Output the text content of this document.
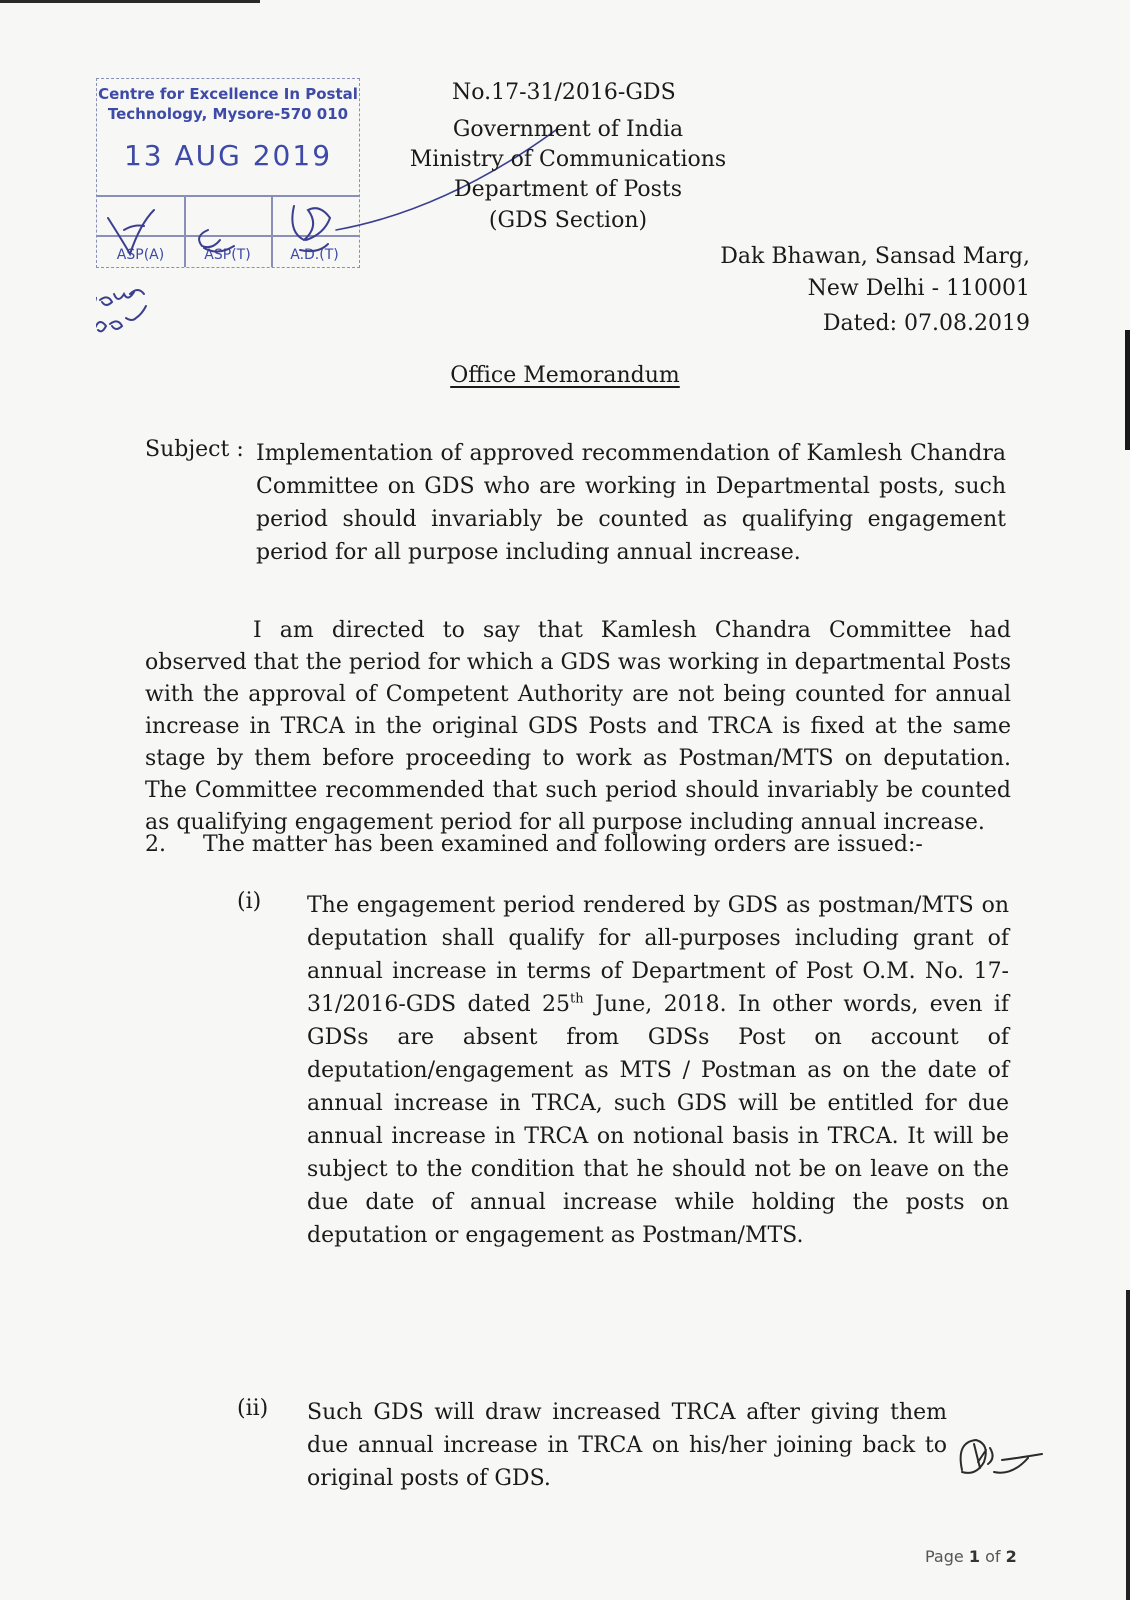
Centre for Excellence In Postal
Technology, Mysore-570 010
13 AUG 2019
ASP(A)	ASP(T)	A.D.(T)
No.17-31/2016-GDS
Government of India
Ministry of Communications
Department of Posts
(GDS Section)
Dak Bhawan, Sansad Marg,
New Delhi - 110001
Dated: 07.08.2019
Office Memorandum
Subject : Implementation of approved recommendation of Kamlesh Chandra Committee on GDS who are working in Departmental posts, such period should invariably be counted as qualifying engagement period for all purpose including annual increase.
I am directed to say that Kamlesh Chandra Committee had observed that the period for which a GDS was working in departmental Posts with the approval of Competent Authority are not being counted for annual increase in TRCA in the original GDS Posts and TRCA is fixed at the same stage by them before proceeding to work as Postman/MTS on deputation. The Committee recommended that such period should invariably be counted as qualifying engagement period for all purpose including annual increase.
2. The matter has been examined and following orders are issued:-
(i) The engagement period rendered by GDS as postman/MTS on deputation shall qualify for all-purposes including grant of annual increase in terms of Department of Post O.M. No. 17-31/2016-GDS dated 25th June, 2018. In other words, even if GDSs are absent from GDSs Post on account of deputation/engagement as MTS / Postman as on the date of annual increase in TRCA, such GDS will be entitled for due annual increase in TRCA on notional basis in TRCA. It will be subject to the condition that he should not be on leave on the due date of annual increase while holding the posts on deputation or engagement as Postman/MTS.
(ii) Such GDS will draw increased TRCA after giving them due annual increase in TRCA on his/her joining back to original posts of GDS.
Page 1 of 2
